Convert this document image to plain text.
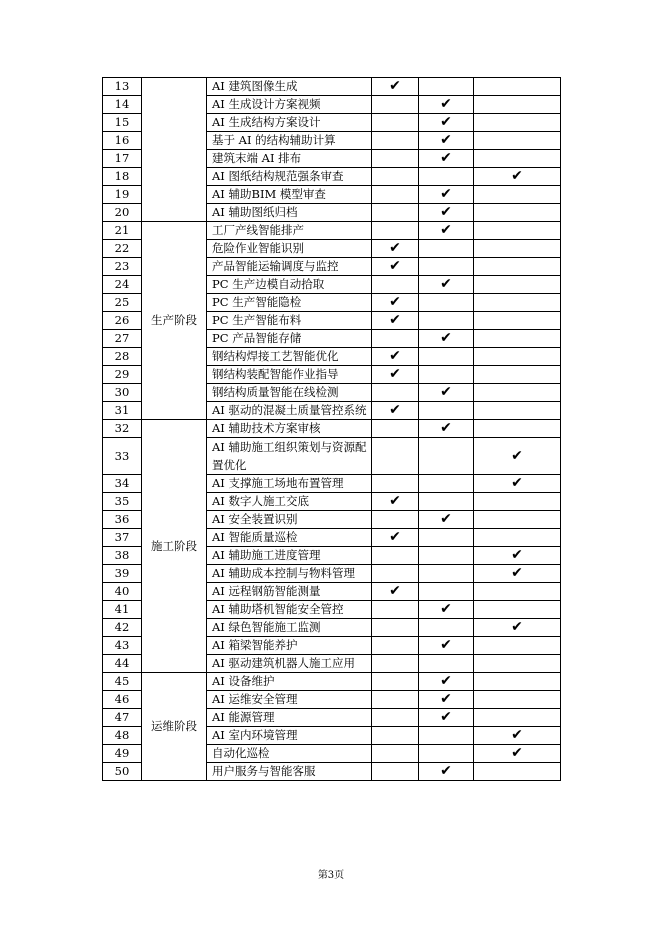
13		AI 建筑图像生成	✔		
14		AI 生成设计方案视频		✔	
15		AI 生成结构方案设计		✔	
16		基于 AI 的结构辅助计算		✔	
17		建筑末端 AI 排布		✔	
18		AI 图纸结构规范强条审查			✔
19		AI 辅助BIM 模型审查		✔	
20		AI 辅助图纸归档		✔	
21	生产阶段	工厂产线智能排产		✔	
22		危险作业智能识别	✔		
23		产品智能运输调度与监控	✔		
24		PC 生产边模自动拾取		✔	
25		PC 生产智能隐检	✔		
26		PC 生产智能布料	✔		
27		PC 产品智能存储		✔	
28		钢结构焊接工艺智能优化	✔		
29		钢结构装配智能作业指导	✔		
30		钢结构质量智能在线检测		✔	
31		AI 驱动的混凝土质量管控系统	✔		
32	施工阶段	AI 辅助技术方案审核		✔	
33		AI 辅助施工组织策划与资源配置优化			✔
34		AI 支撑施工场地布置管理			✔
35		AI 数字人施工交底	✔		
36		AI 安全装置识别		✔	
37		AI 智能质量巡检	✔		
38		AI 辅助施工进度管理			✔
39		AI 辅助成本控制与物料管理			✔
40		AI 远程钢筋智能测量	✔		
41		AI 辅助塔机智能安全管控		✔	
42		AI 绿色智能施工监测			✔
43		AI 箱梁智能养护		✔	
44		AI 驱动建筑机器人施工应用			
45	运维阶段	AI 设备维护		✔	
46		AI 运维安全管理		✔	
47		AI 能源管理		✔	
48		AI 室内环境管理			✔
49		自动化巡检			✔
50		用户服务与智能客服		✔	
第3页
